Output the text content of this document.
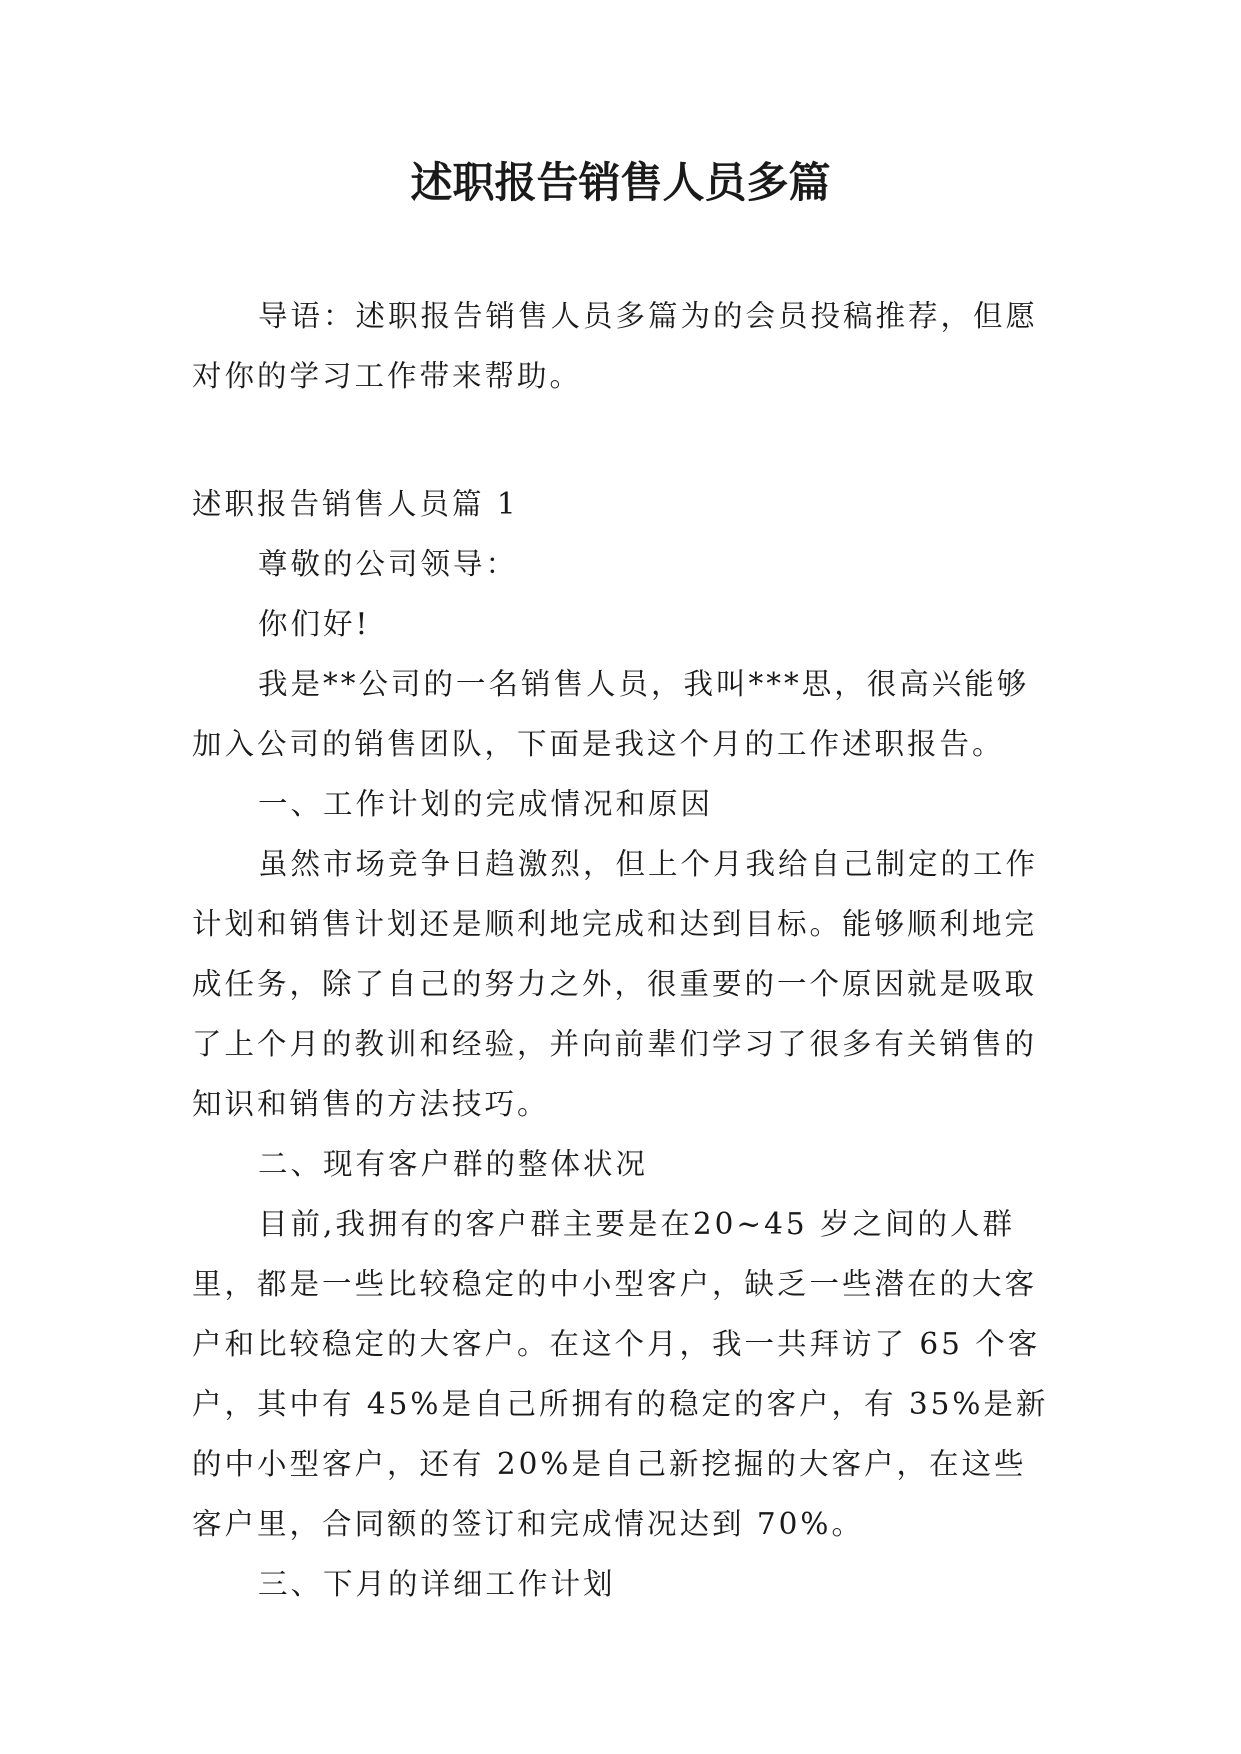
述职报告销售人员多篇

导语：述职报告销售人员多篇为的会员投稿推荐，但愿对你的学习工作带来帮助。

述职报告销售人员篇 1

尊敬的公司领导：

你们好!

我是**公司的一名销售人员，我叫***思，很高兴能够加入公司的销售团队，下面是我这个月的工作述职报告。

一、工作计划的完成情况和原因

虽然市场竞争日趋激烈，但上个月我给自己制定的工作计划和销售计划还是顺利地完成和达到目标。能够顺利地完成任务，除了自己的努力之外，很重要的一个原因就是吸取了上个月的教训和经验，并向前辈们学习了很多有关销售的知识和销售的方法技巧。

二、现有客户群的整体状况

目前,我拥有的客户群主要是在20~45 岁之间的人群里，都是一些比较稳定的中小型客户，缺乏一些潜在的大客户和比较稳定的大客户。在这个月，我一共拜访了 65 个客户，其中有 45%是自己所拥有的稳定的客户，有 35%是新的中小型客户，还有 20%是自己新挖掘的大客户，在这些客户里，合同额的签订和完成情况达到 70%。

三、下月的详细工作计划
